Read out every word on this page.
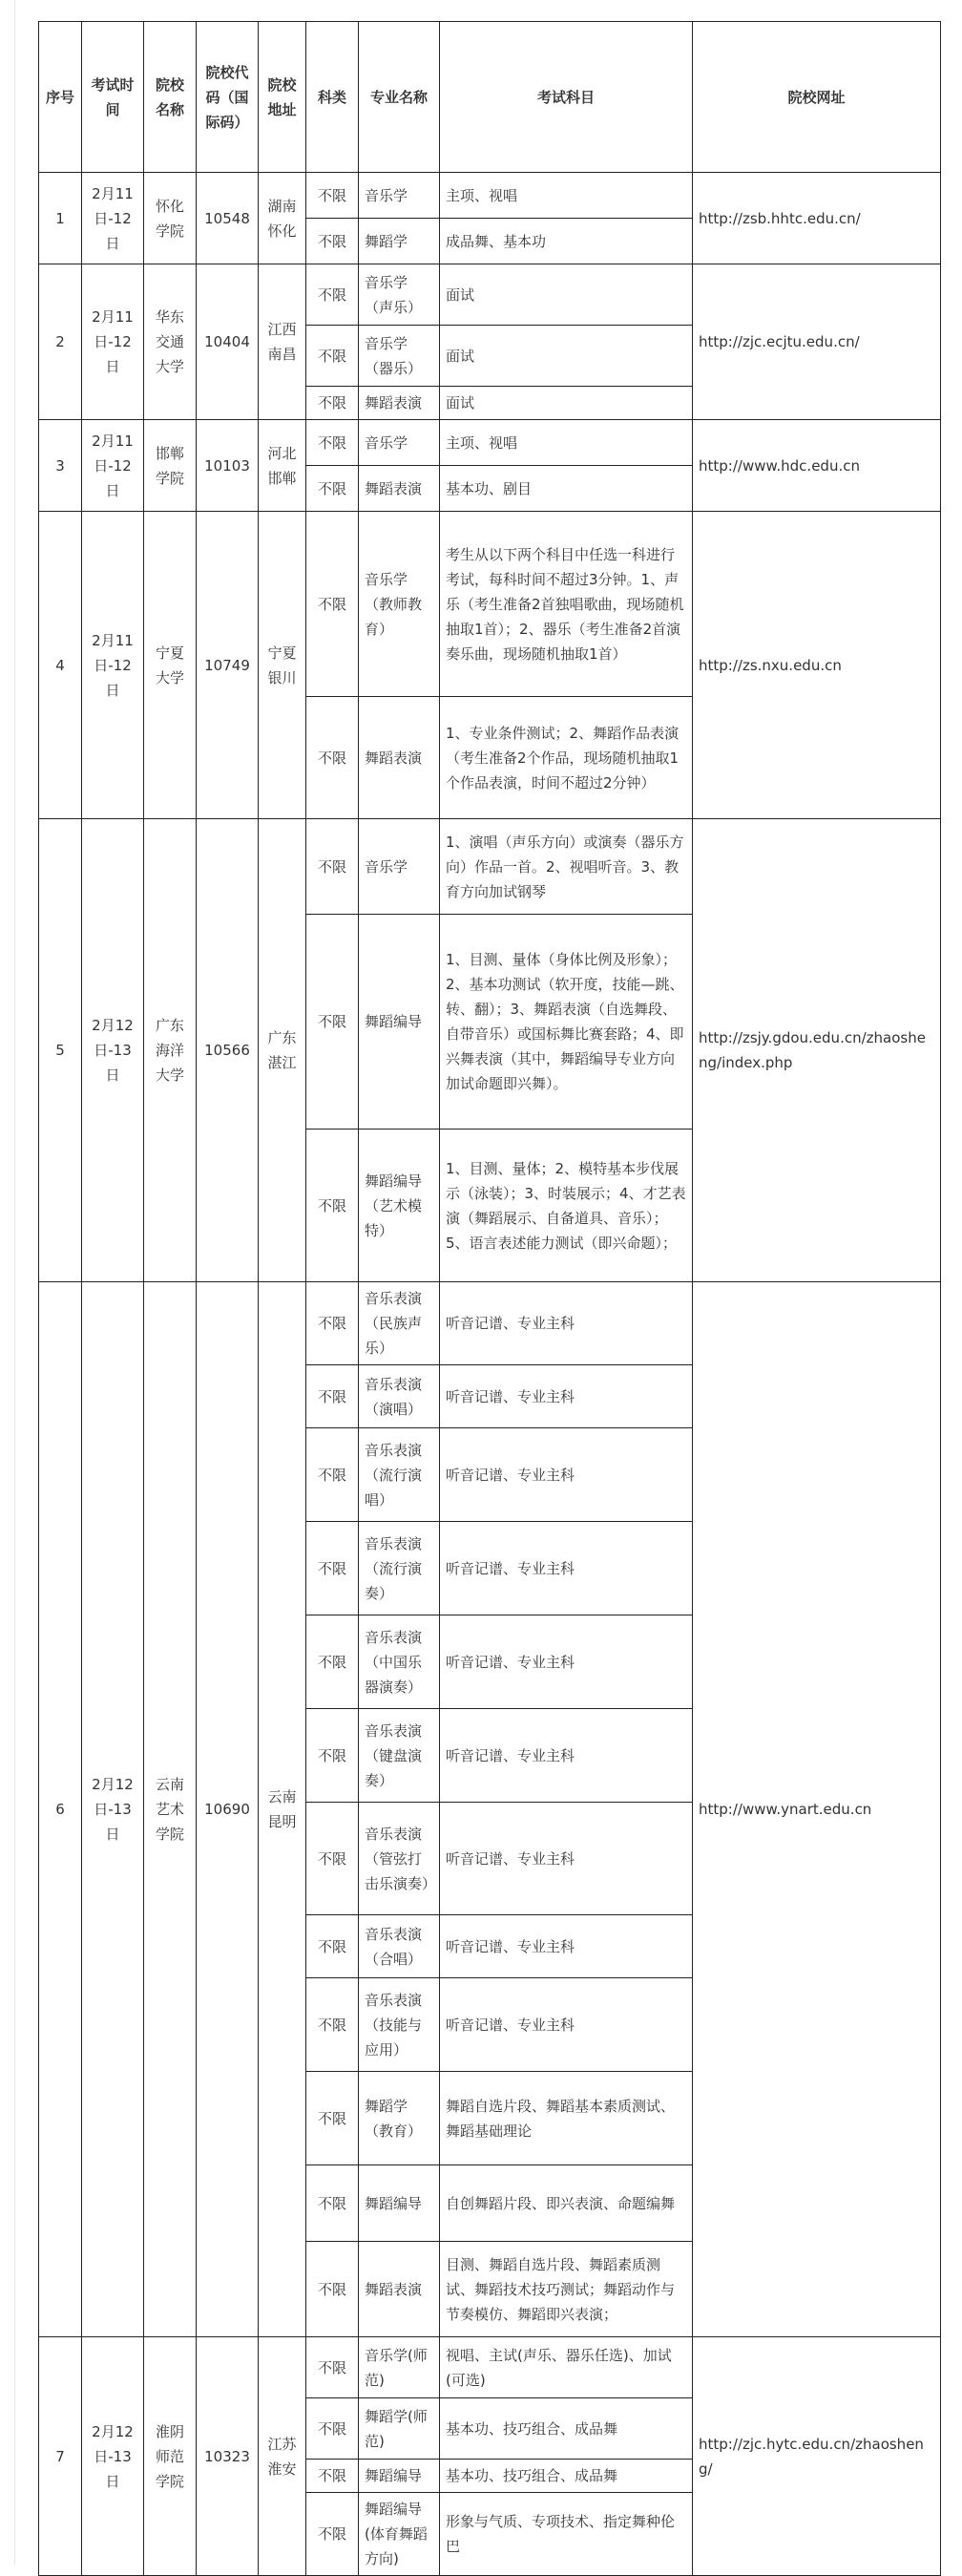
序号	考试时间	院校名称	院校代码（国际码）	院校地址	科类	专业名称	考试科目	院校网址
1	2月11日-12日	怀化学院	10548	湖南怀化	不限	音乐学	主项、视唱	http://zsb.hhtc.edu.cn/
					不限	舞蹈学	成品舞、基本功	
2	2月11日-12日	华东交通大学	10404	江西南昌	不限	音乐学（声乐）	面试	http://zjc.ecjtu.edu.cn/
					不限	音乐学（器乐）	面试	
					不限	舞蹈表演	面试	
3	2月11日-12日	邯郸学院	10103	河北邯郸	不限	音乐学	主项、视唱	http://www.hdc.edu.cn
					不限	舞蹈表演	基本功、剧目	
4	2月11日-12日	宁夏大学	10749	宁夏银川	不限	音乐学（教师教育）	考生从以下两个科目中任选一科进行考试，每科时间不超过3分钟。1、声乐（考生准备2首独唱歌曲，现场随机抽取1首）；2、器乐（考生准备2首演奏乐曲，现场随机抽取1首）	http://zs.nxu.edu.cn
					不限	舞蹈表演	1、专业条件测试；2、舞蹈作品表演（考生准备2个作品，现场随机抽取1个作品表演，时间不超过2分钟）	
5	2月12日-13日	广东海洋大学	10566	广东湛江	不限	音乐学	1、演唱（声乐方向）或演奏（器乐方向）作品一首。2、视唱听音。3、教育方向加试钢琴	http://zsjy.gdou.edu.cn/zhaosheng/index.php
					不限	舞蹈编导	1、目测、量体（身体比例及形象）；2、基本功测试（软开度，技能—跳、转、翻）；3、舞蹈表演（自选舞段、自带音乐）或国标舞比赛套路；4、即兴舞表演（其中，舞蹈编导专业方向加试命题即兴舞）。	
					不限	舞蹈编导（艺术模特）	1、目测、量体；2、模特基本步伐展示（泳装）；3、时装展示；4、才艺表演（舞蹈展示、自备道具、音乐）；5、语言表述能力测试（即兴命题）；	
6	2月12日-13日	云南艺术学院	10690	云南昆明	不限	音乐表演（民族声乐）	听音记谱、专业主科	http://www.ynart.edu.cn
					不限	音乐表演（演唱）	听音记谱、专业主科	
					不限	音乐表演（流行演唱）	听音记谱、专业主科	
					不限	音乐表演（流行演奏）	听音记谱、专业主科	
					不限	音乐表演（中国乐器演奏）	听音记谱、专业主科	
					不限	音乐表演（键盘演奏）	听音记谱、专业主科	
					不限	音乐表演（管弦打击乐演奏）	听音记谱、专业主科	
					不限	音乐表演（合唱）	听音记谱、专业主科	
					不限	音乐表演（技能与应用）	听音记谱、专业主科	
					不限	舞蹈学（教育）	舞蹈自选片段、舞蹈基本素质测试、舞蹈基础理论	
					不限	舞蹈编导	自创舞蹈片段、即兴表演、命题编舞	
					不限	舞蹈表演	目测、舞蹈自选片段、舞蹈素质测试、舞蹈技术技巧测试；舞蹈动作与节奏模仿、舞蹈即兴表演；	
7	2月12日-13日	淮阴师范学院	10323	江苏淮安	不限	音乐学(师范)	视唱、主试(声乐、器乐任选)、加试(可选)	http://zjc.hytc.edu.cn/zhaosheng/
					不限	舞蹈学(师范)	基本功、技巧组合、成品舞	
					不限	舞蹈编导	基本功、技巧组合、成品舞	
					不限	舞蹈编导(体育舞蹈方向)	形象与气质、专项技术、指定舞种伦巴	
